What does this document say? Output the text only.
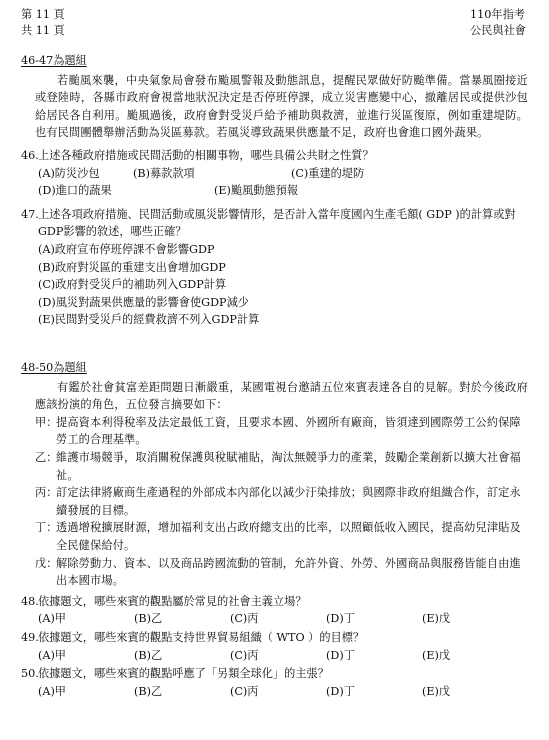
第 11 頁
共 11 頁
110年指考
公民與社會
46-47為題組

若颱風來襲，中央氣象局會發布颱風警報及動態訊息，提醒民眾做好防颱準備。當暴風圈接近或登陸時，各縣市政府會視當地狀況決定是否停班停課，成立災害應變中心，撤離居民或提供沙包給居民各自利用。颱風過後，政府會對受災戶給予補助與救濟，並進行災區復原，例如重建堤防。也有民間團體舉辦活動為災區募款。若風災導致蔬果供應量不足，政府也會進口國外蔬果。

46. 上述各種政府措施或民間活動的相關事物，哪些具備公共財之性質？
(A)防災沙包	(B)募款款項	(C)重建的堤防
(D)進口的蔬果	(E)颱風動態預報
47. 上述各項政府措施、民間活動或風災影響情形，是否計入當年度國內生產毛額( GDP )的計算或對GDP影響的敘述，哪些正確？
(A)政府宣布停班停課不會影響GDP
(B)政府對災區的重建支出會增加GDP
(C)政府對受災戶的補助列入GDP計算
(D)風災對蔬果供應量的影響會使GDP減少
(E)民間對受災戶的經費救濟不列入GDP計算
48-50為題組

有鑑於社會貧富差距問題日漸嚴重，某國電視台邀請五位來賓表達各自的見解。對於今後政府應該扮演的角色，五位發言摘要如下：

甲：
提高資本利得稅率及法定最低工資，且要求本國、外國所有廠商，皆須達到國際勞工公約保障勞工的合理基準。
乙：
維護市場競爭，取消關稅保護與稅賦補貼，淘汰無競爭力的產業，鼓勵企業創新以擴大社會福祉。
丙：
訂定法律將廠商生產過程的外部成本內部化以減少汙染排放；與國際非政府組織合作，訂定永續發展的目標。
丁：
透過增稅擴展財源，增加福利支出占政府總支出的比率，以照顧低收入國民，提高幼兒津貼及全民健保給付。
戊：
解除勞動力、資本、以及商品跨國流動的管制，允許外資、外勞、外國商品與服務皆能自由進出本國市場。
48. 依據題文，哪些來賓的觀點屬於常見的社會主義立場？
(A)甲	(B)乙	(C)丙	(D)丁	(E)戊
49. 依據題文，哪些來賓的觀點支持世界貿易組織（ WTO ）的目標？
(A)甲	(B)乙	(C)丙	(D)丁	(E)戊
50. 依據題文，哪些來賓的觀點呼應了「另類全球化」的主張？
(A)甲	(B)乙	(C)丙	(D)丁	(E)戊
